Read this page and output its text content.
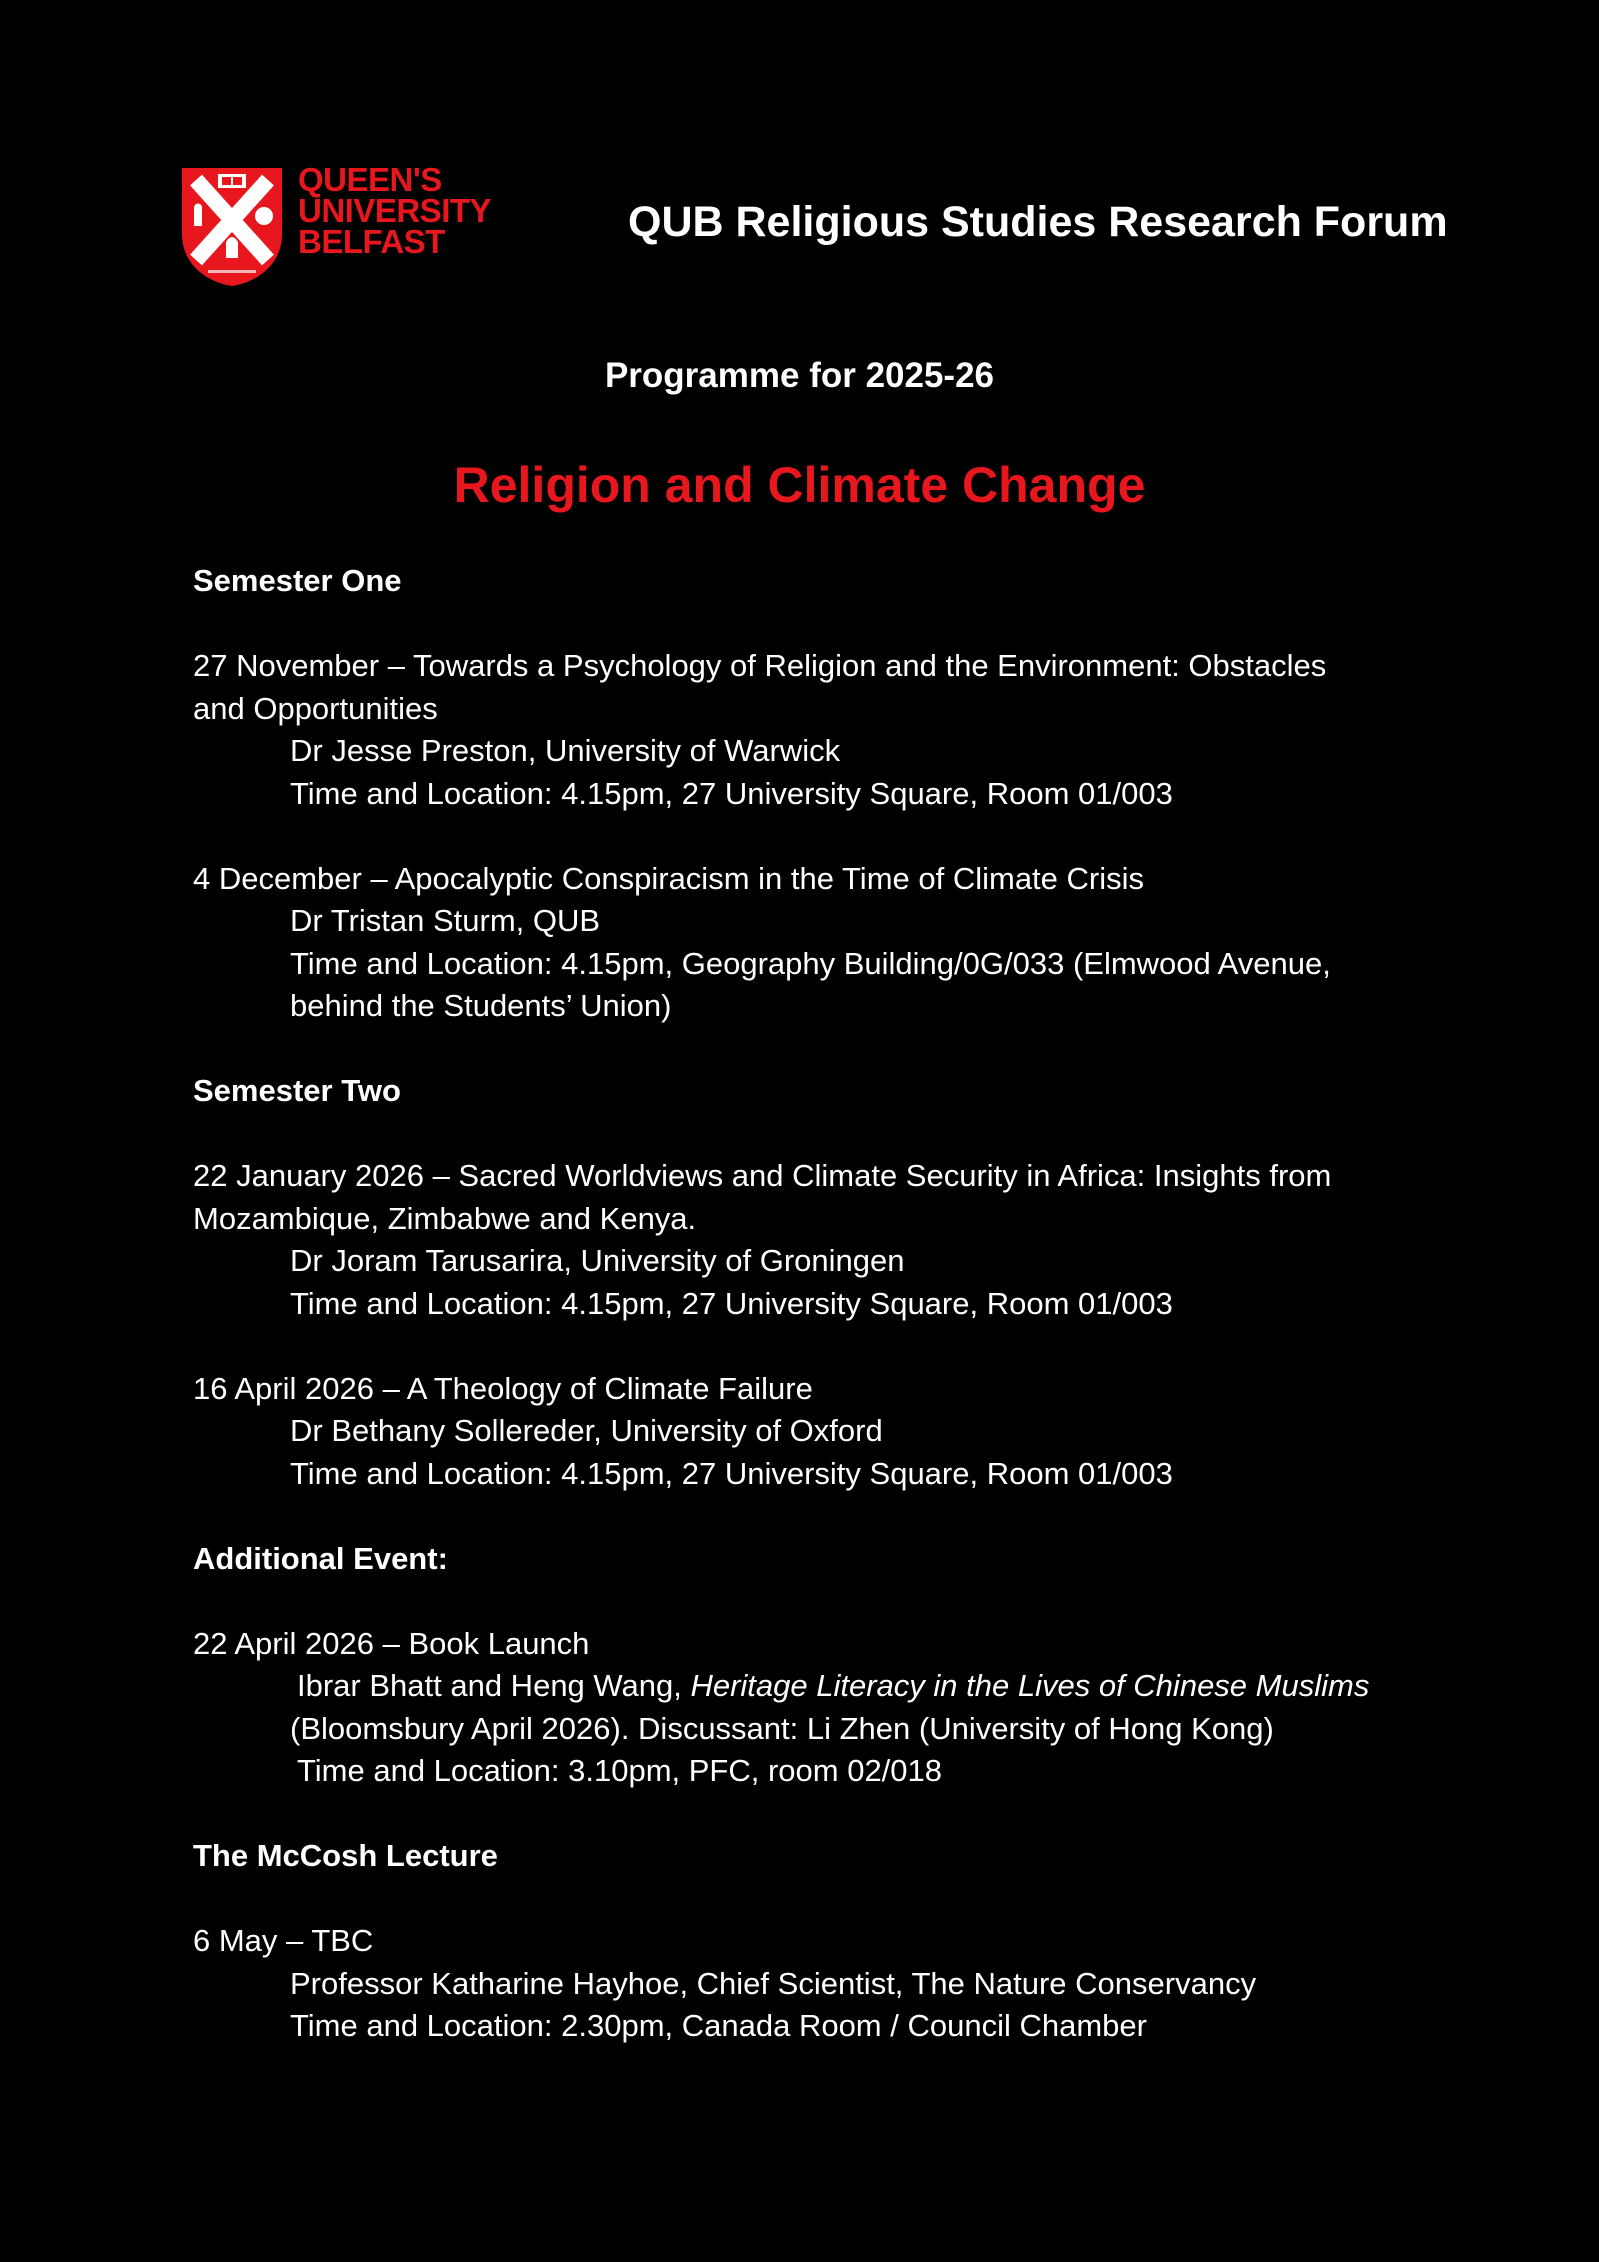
QUEEN'S
UNIVERSITY
BELFAST	QUB Religious Studies Research Forum
Programme for 2025-26
Religion and Climate Change

Semester One

27 November – Towards a Psychology of Religion and the Environment: Obstacles

and Opportunities

Dr Jesse Preston, University of Warwick

Time and Location: 4.15pm, 27 University Square, Room 01/003

4 December – Apocalyptic Conspiracism in the Time of Climate Crisis

Dr Tristan Sturm, QUB

Time and Location: 4.15pm, Geography Building/0G/033 (Elmwood Avenue,

behind the Students’ Union)

Semester Two

22 January 2026 – Sacred Worldviews and Climate Security in Africa: Insights from

Mozambique, Zimbabwe and Kenya.

Dr Joram Tarusarira, University of Groningen

Time and Location: 4.15pm, 27 University Square, Room 01/003

16 April 2026 – A Theology of Climate Failure

Dr Bethany Sollereder, University of Oxford

Time and Location: 4.15pm, 27 University Square, Room 01/003

Additional Event:

22 April 2026 – Book Launch

Ibrar Bhatt and Heng Wang, Heritage Literacy in the Lives of Chinese Muslims

(Bloomsbury April 2026). Discussant: Li Zhen (University of Hong Kong)

Time and Location: 3.10pm, PFC, room 02/018

The McCosh Lecture

6 May – TBC

Professor Katharine Hayhoe, Chief Scientist, The Nature Conservancy

Time and Location: 2.30pm, Canada Room / Council Chamber
